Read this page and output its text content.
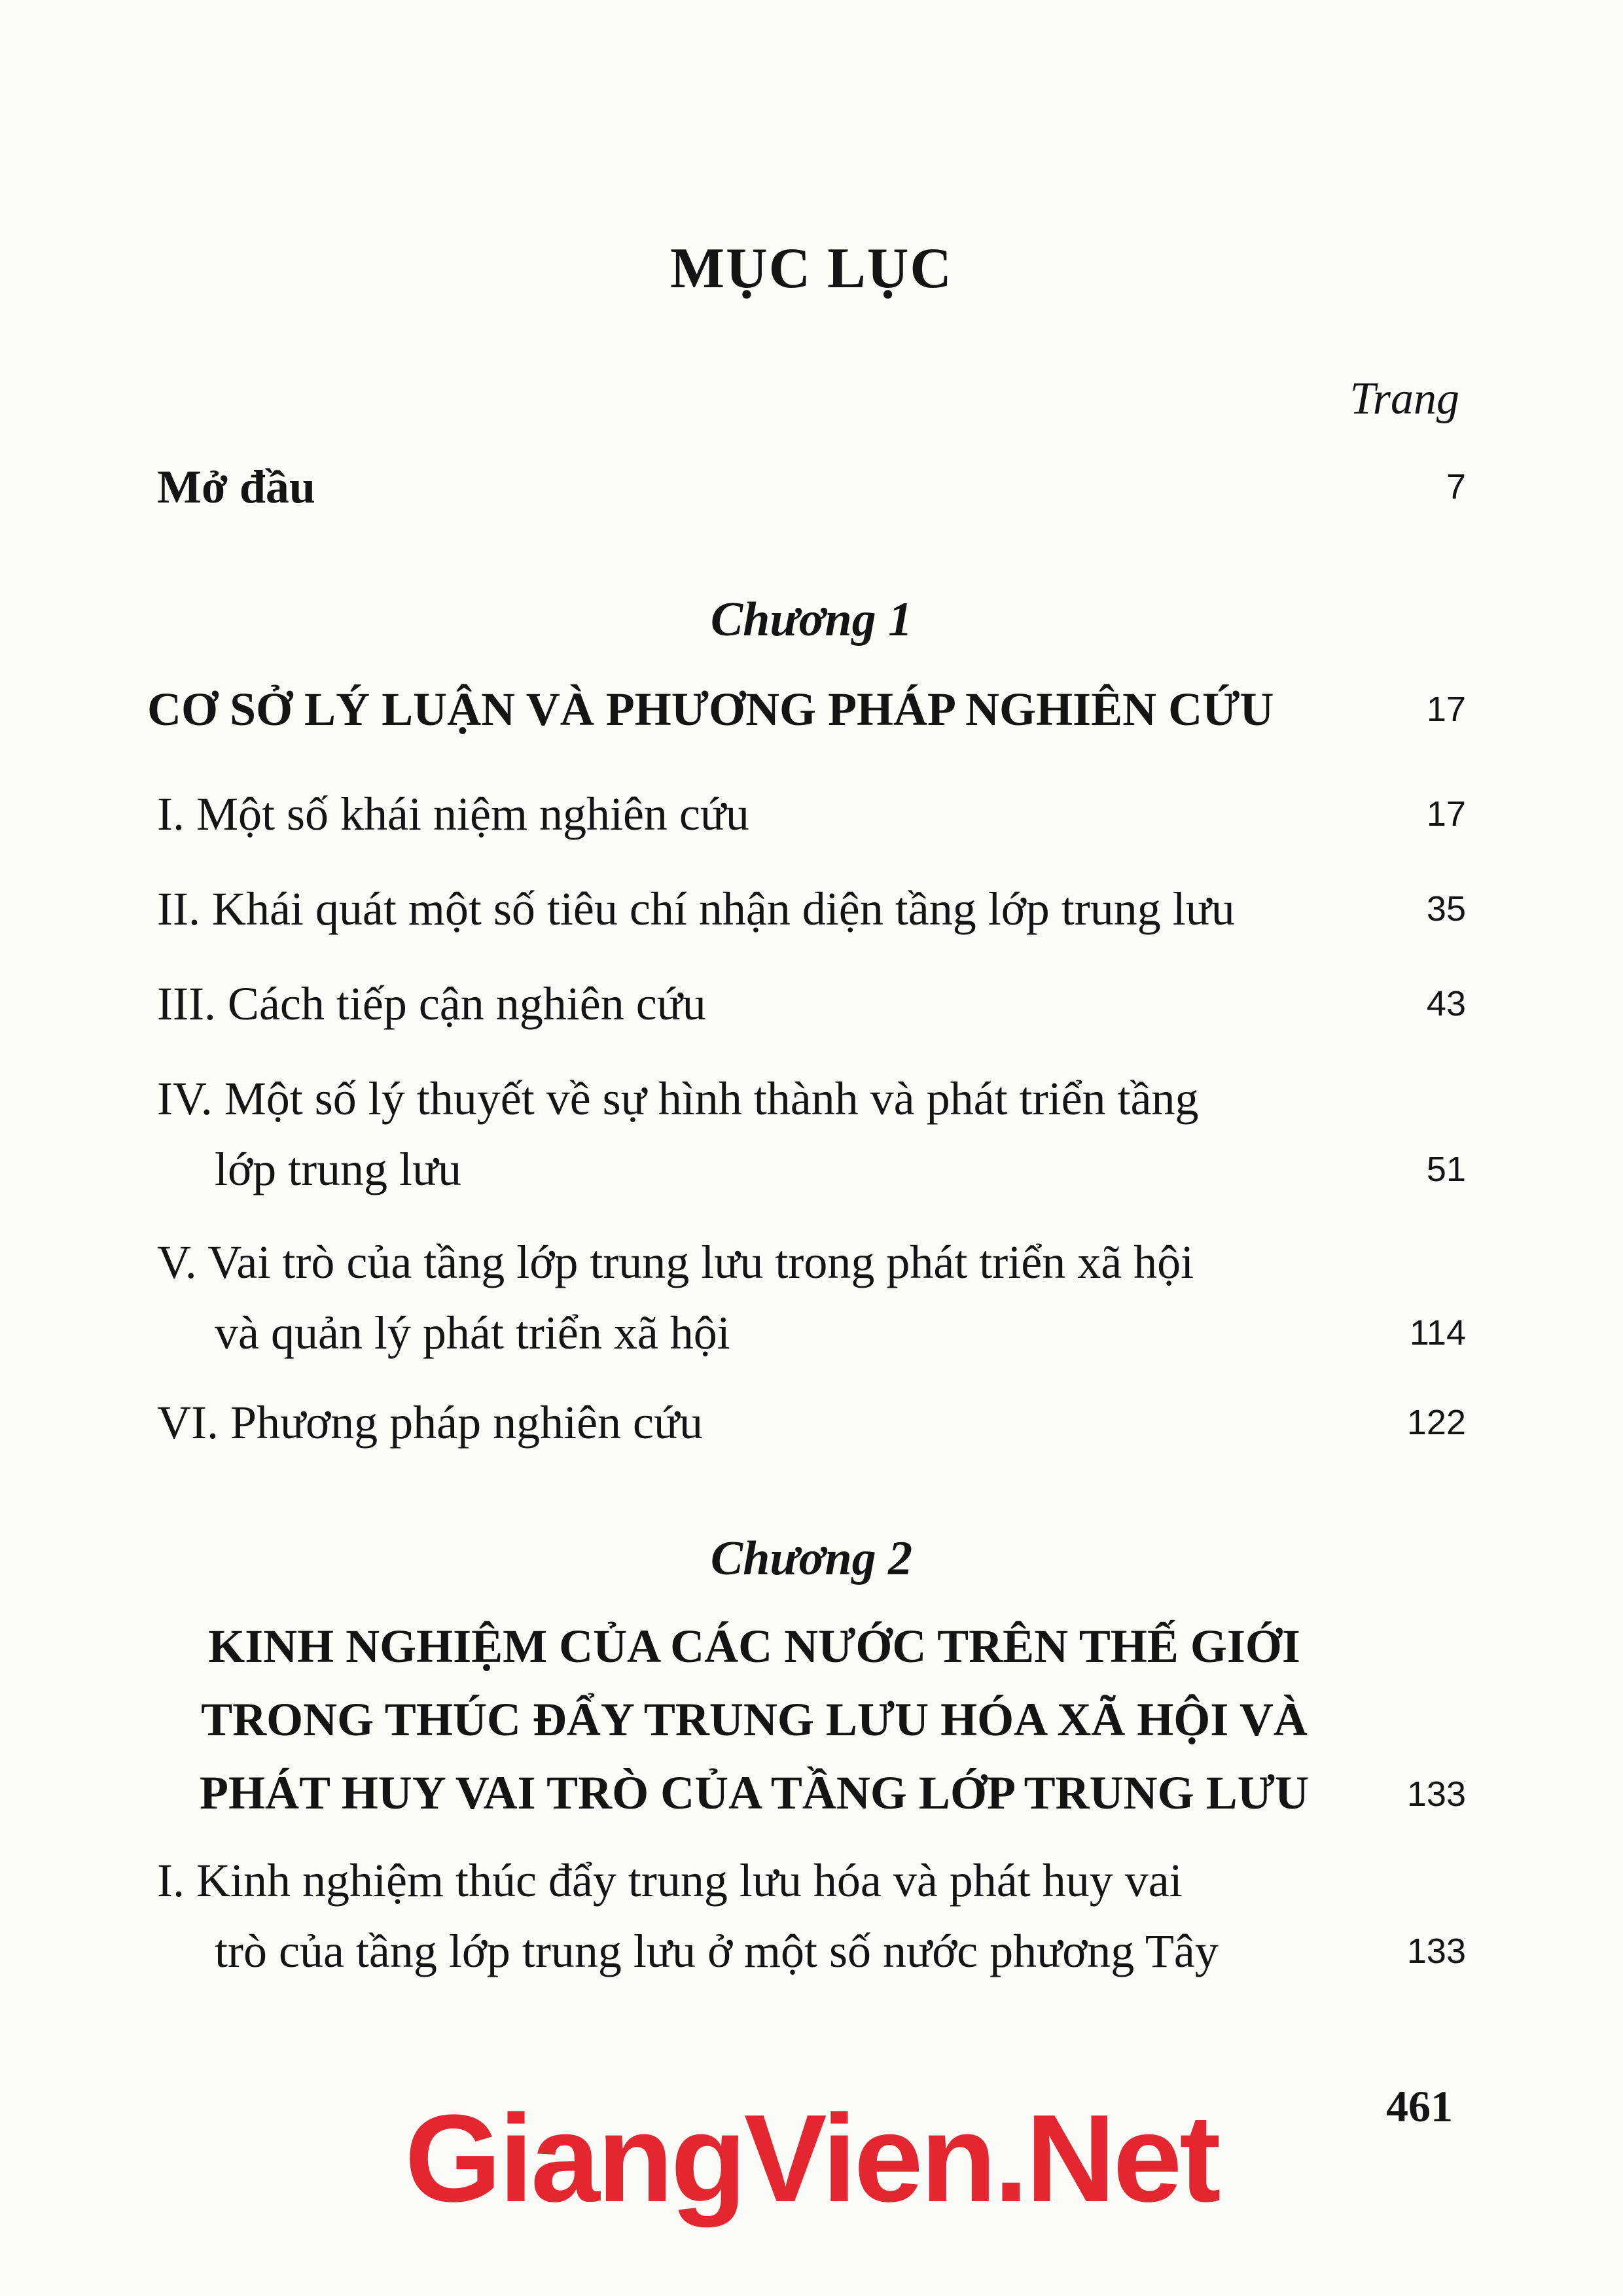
MỤC LỤC
Trang
Mở đầu	7
Chương 1
CƠ SỞ LÝ LUẬN VÀ PHƯƠNG PHÁP NGHIÊN CỨU	17
I. Một số khái niệm nghiên cứu	17
II. Khái quát một số tiêu chí nhận diện tầng lớp trung lưu	35
III. Cách tiếp cận nghiên cứu	43
IV. Một số lý thuyết về sự hình thành và phát triển tầng
lớp trung lưu	51
V. Vai trò của tầng lớp trung lưu trong phát triển xã hội
và quản lý phát triển xã hội	114
VI. Phương pháp nghiên cứu	122
Chương 2
KINH NGHIỆM CỦA CÁC NƯỚC TRÊN THẾ GIỚI
TRONG THÚC ĐẨY TRUNG LƯU HÓA XÃ HỘI VÀ
PHÁT HUY VAI TRÒ CỦA TẦNG LỚP TRUNG LƯU	133
I. Kinh nghiệm thúc đẩy trung lưu hóa và phát huy vai
trò của tầng lớp trung lưu ở một số nước phương Tây	133
461
GiangVien.Net
